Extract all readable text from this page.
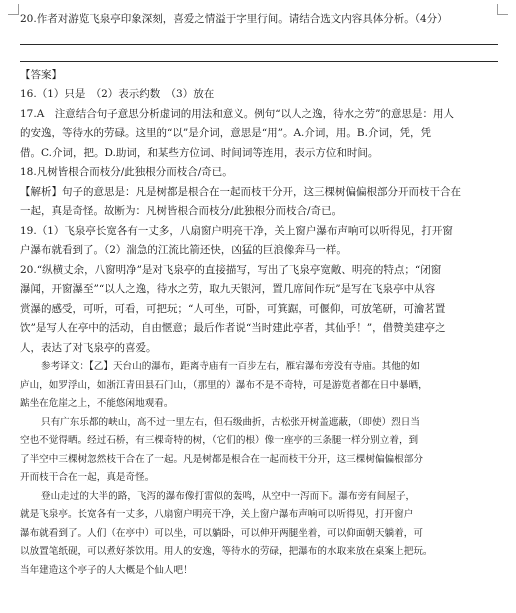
20.作者对游览飞泉亭印象深刻，喜爱之情溢于字里行间。请结合选文内容具体分析。（4分）
【答案】
16.（1）只是　（2）表示约数　（3）放在
17.A　注意结合句子意思分析虚词的用法和意义。例句“以人之逸，待水之劳”的意思是：用人
的安逸，等待水的劳碌。这里的“以”是介词，意思是“用”。A.介词，用。B.介词，凭，凭
借。C.介词，把。D.助词，和某些方位词、时间词等连用，表示方位和时间。
18.凡树皆根合而枝分/此独根分而枝合/奇已。
【解析】句子的意思是：凡是树都是根合在一起而枝干分开，这三棵树偏偏根部分开而枝干合在
一起，真是奇怪。故断为：凡树皆根合而枝分/此独根分而枝合/奇已。
19.（1）飞泉亭长宽各有一丈多，八扇窗户明亮干净，关上窗户瀑布声响可以听得见，打开窗
户瀑布就看到了。（2）湍急的江流比箭还快，凶猛的巨浪像奔马一样。
20.“纵横丈余，八窗明净”是对飞泉亭的直接描写，写出了飞泉亭宽敞、明亮的特点；“闭窗
瀑闻，开窗瀑至”“以人之逸，待水之劳，取九天银河，置几席间作玩”是写在飞泉亭中从容
赏瀑的感受，可听，可看，可把玩；“人可坐，可卧，可箕踞，可偃仰，可放笔研，可瀹茗置
饮”是写人在亭中的活动，自由惬意；最后作者说“当时建此亭者，其仙乎！”，借赞美建亭之
人，表达了对飞泉亭的喜爱。
参考译文：【乙】天台山的瀑布，距离寺庙有一百步左右，雁宕瀑布旁没有寺庙。其他的如
庐山，如罗浮山，如浙江青田县石门山，（那里的）瀑布不是不奇特，可是游览者都在日中暴晒，
踮坐在危崖之上，不能悠闲地观看。
只有广东乐都的峡山，高不过一里左右，但石级曲折，古松张开树盖遮蔽，（即使）烈日当
空也不觉得晒。经过石桥，有三棵奇特的树，（它们的根）像一座亭的三条腿一样分别立着，到
了半空中三棵树忽然枝干合在了一起。凡是树都是根合在一起而枝干分开，这三棵树偏偏根部分
开而枝干合在一起，真是奇怪。
登山走过的大半的路，飞泻的瀑布像打雷似的轰鸣，从空中一泻而下。瀑布旁有间屋子，
就是飞泉亭。长宽各有一丈多，八扇窗户明亮干净，关上窗户瀑布声响可以听得见，打开窗户
瀑布就看到了。人们（在亭中）可以坐，可以躺卧，可以伸开两腿坐着，可以仰面朝天躺着，可
以放置笔纸砚，可以煮好茶饮用。用人的安逸，等待水的劳碌，把瀑布的水取来放在桌案上把玩。
当年建造这个亭子的人大概是个仙人吧！
